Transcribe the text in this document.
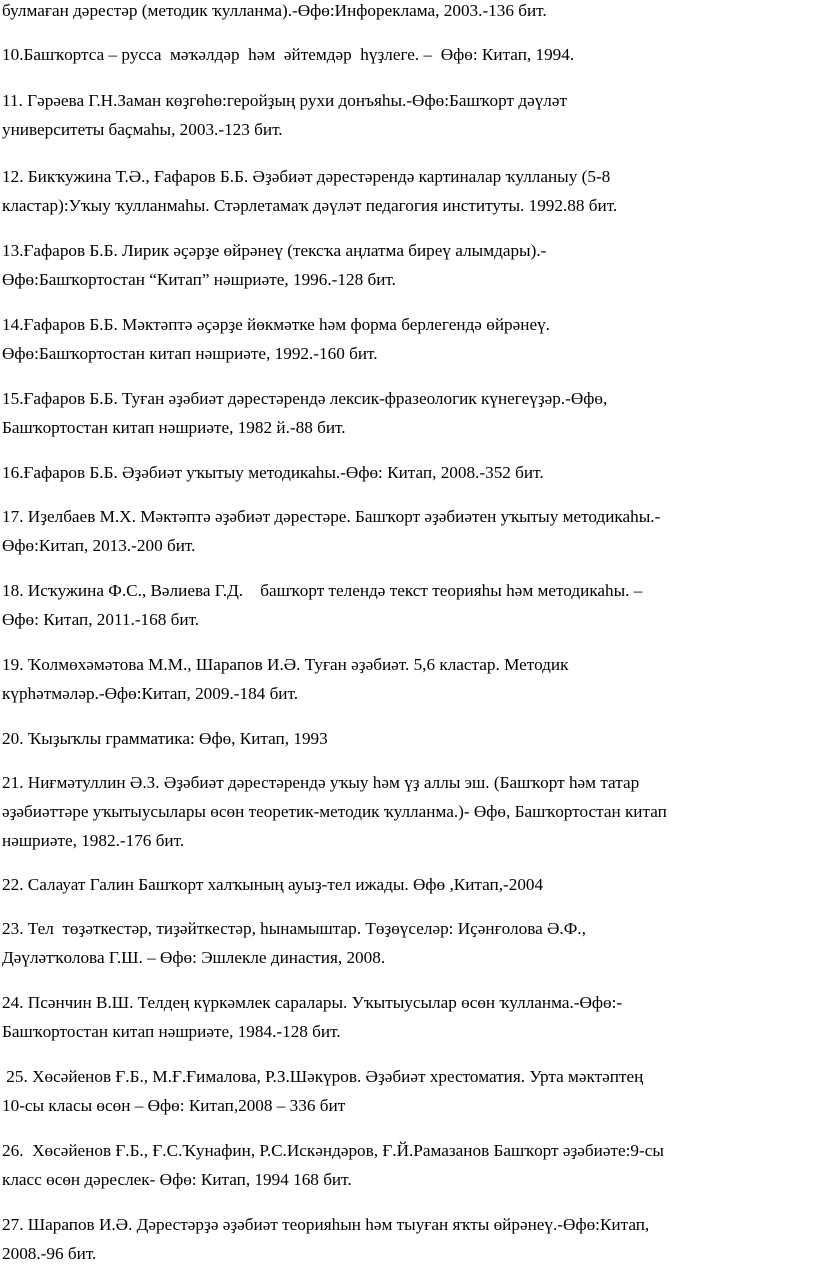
булмаған дәрестәр (методик ҡулланма).-Өфө:Инфореклама, 2003.-136 бит.

10.Башҡортса – русса  мәҡәлдәр  һәм  әйтемдәр  һүҙлеге. –  Өфө: Китап, 1994.

11. Гәрәева Г.Н.Заман көҙгөһө:геройҙың рухи донъяһы.-Өфө:Башҡорт дәүләт
университеты баҫмаһы, 2003.-123 бит.

12. Бикҡужина Т.Ә., Ғафаров Б.Б. Әҙәбиәт дәрестәрендә картиналар ҡулланыу (5-8
кластар):Уҡыу ҡулланмаһы. Стәрлетамаҡ дәүләт педагогия институты. 1992.88 бит.

13.Ғафаров Б.Б. Лирик әҫәрҙе өйрәнеү (тексҡа аңлатма биреү алымдары).-
Өфө:Башҡортостан “Китап” нәшриәте, 1996.-128 бит.

14.Ғафаров Б.Б. Мәктәптә әҫәрҙе йөкмәтке һәм форма берлегендә өйрәнеү.
Өфө:Башҡортостан китап нәшриәте, 1992.-160 бит.

15.Ғафаров Б.Б. Туған әҙәбиәт дәрестәрендә лексик-фразеологик күнегеүҙәр.-Өфө,
Башҡортостан китап нәшриәте, 1982 й.-88 бит.

16.Ғафаров Б.Б. Әҙәбиәт уҡытыу методикаһы.-Өфө: Китап, 2008.-352 бит.

17. Иҙелбаев М.Х. Мәктәптә әҙәбиәт дәрестәре. Башҡорт әҙәбиәтен уҡытыу методикаһы.-
Өфө:Китап, 2013.-200 бит.

18. Исҡужина Ф.С., Вәлиева Г.Д.    башҡорт телендә текст теорияһы һәм методикаһы. –
Өфө: Китап, 2011.-168 бит.

19. Ҡолмөхәмәтова М.М., Шарапов И.Ә. Туған әҙәбиәт. 5,6 кластар. Методик
күрһәтмәләр.-Өфө:Китап, 2009.-184 бит.

20. Ҡыҙыҡлы грамматика: Өфө, Китап, 1993

21. Ниғмәтуллин Ә.З. Әҙәбиәт дәрестәрендә уҡыу һәм үҙ аллы эш. (Башҡорт һәм татар
әҙәбиәттәре уҡытыусылары өсөн теоретик-методик ҡулланма.)- Өфө, Башҡортостан китап
нәшриәте, 1982.-176 бит.

22. Салауат Галин Башҡорт халҡының ауыҙ-тел ижады. Өфө ,Китап,-2004

23. Тел  төҙәткестәр, тиҙәйткестәр, һынамыштар. Төҙөүселәр: Иҫәнғолова Ә.Ф.,
Дәүләтҡолова Г.Ш. – Өфө: Эшлекле династия, 2008.

24. Псәнчин В.Ш. Телдең күркәмлек саралары. Уҡытыусылар өсөн ҡулланма.-Өфө:-
Башҡортостан китап нәшриәте, 1984.-128 бит.

25. Хөсәйенов Ғ.Б., М.Ғ.Ғималова, Р.З.Шәкүров. Әҙәбиәт хрестоматия. Урта мәктәптең
10-сы класы өсөн – Өфө: Китап,2008 – 336 бит

26.  Хөсәйенов Ғ.Б., Ғ.С.Ҡунафин, Р.С.Искәндәров, Ғ.Й.Рамазанов Башҡорт әҙәбиәте:9-сы
класс өсөн дәреслек- Өфө: Китап, 1994 168 бит.

27. Шарапов И.Ә. Дәрестәрҙә әҙәбиәт теорияһын һәм тыуған яҡты өйрәнеү.-Өфө:Китап,
2008.-96 бит.
